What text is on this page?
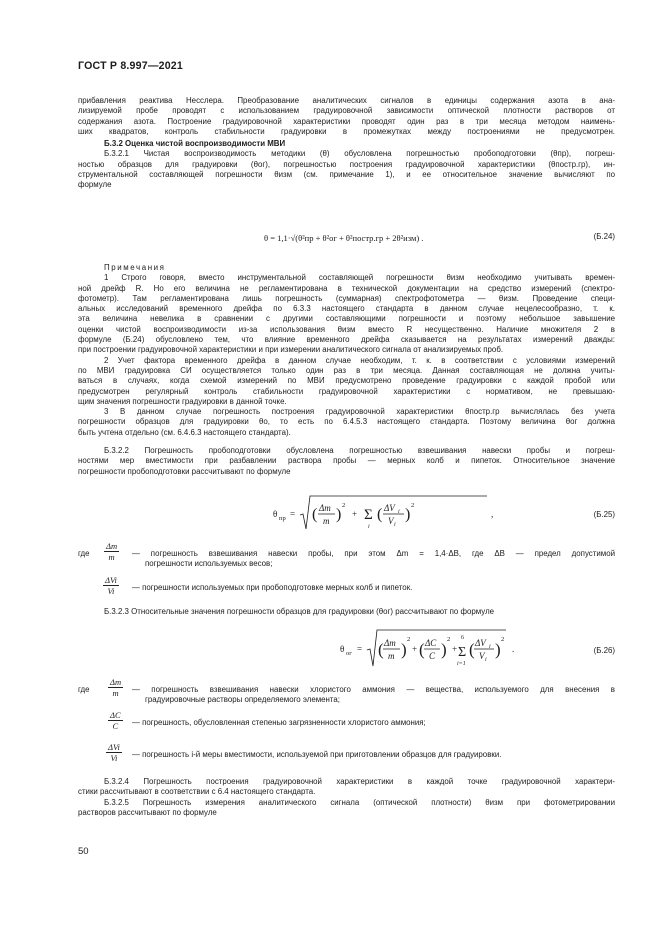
ГОСТ Р 8.997—2021
прибавления реактива Несслера. Преобразование аналитических сигналов в единицы содержания азота в ана-
лизируемой пробе проводят с использованием градуировочной зависимости оптической плотности растворов от
содержания азота. Построение градуировочной характеристики проводят один раз в три месяца методом наимень-
ших квадратов, контроль стабильности градуировки в промежутках между построениями не предусмотрен.
Б.3.2 Оценка чистой воспроизводимости МВИ
Б.3.2.1 Чистая воспроизводимость методики (θ) обусловлена погрешностью пробоподготовки (θпр), погреш-
ностью образцов для градуировки (θог), погрешностью построения градуировочной характеристики (θпостр.гр), ин-
струментальной составляющей погрешности θизм (см. примечание 1), и ее относительное значение вычисляют по
формуле
θ = 1,1·√(θ²пр + θ²ог + θ²постр.гр + 2θ²изм) .	(Б.24)
Примечания
1 Строго говоря, вместо инструментальной составляющей погрешности θизм необходимо учитывать времен-
ной дрейф R. Но его величина не регламентирована в технической документации на средство измерений (спектро-
фотометр). Там регламентирована лишь погрешность (суммарная) спектрофотометра — θизм. Проведение специ-
альных исследований временного дрейфа по 6.3.3 настоящего стандарта в данном случае нецелесообразно, т. к.
эта величина невелика в сравнении с другими составляющими погрешности и поэтому небольшое завышение
оценки чистой воспроизводимости из-за использования θизм вместо R несущественно. Наличие множителя 2 в
формуле (Б.24) обусловлено тем, что влияние временного дрейфа сказывается на результатах измерений дважды:
при построении градуировочной характеристики и при измерении аналитического сигнала от анализируемых проб.
2 Учет фактора временного дрейфа в данном случае необходим, т. к. в соответствии с условиями измерений
по МВИ градуировка СИ осуществляется только один раз в три месяца. Данная составляющая не должна учиты-
ваться в случаях, когда схемой измерений по МВИ предусмотрено проведение градуировки с каждой пробой или
предусмотрен регулярный контроль стабильности градуировочной характеристики с нормативом, не превышаю-
щим значения погрешности градуировки в данной точке.
3 В данном случае погрешность построения градуировочной характеристики θпостр.гр вычислялась без учета
погрешности образцов для градуировки θо, то есть по 6.4.5.3 настоящего стандарта. Поэтому величина θог должна
быть учтена отдельно (см. 6.4.6.3 настоящего стандарта).
Б.3.2.2 Погрешность пробоподготовки обусловлена погрешностью взвешивания навески пробы и погреш-
ностями мер вместимости при разбавлении раствора пробы — мерных колб и пипеток. Относительное значение
погрешности пробоподготовки рассчитывают по формуле
θ пр = ( Δm
m )
2
+ Σ
i
( ΔV i
V i
)
2
,	(Б.25)
где $\frac{\Delta m}{m}$ — погрешность взвешивания навески пробы, при этом Δm = 1,4·ΔB, где ΔB — предел допустимой
погрешности используемых весов;
$\frac{\text{ΔVi}}{Vi}$ — погрешности используемых при пробоподготовке мерных колб и пипеток.
Б.3.2.3 Относительные значения погрешности образцов для градуировки (θог) рассчитывают по формуле
θ ог = ( Δm
m )
2
+ ( ΔC
C )
2
+
6
Σ
i=1
( ΔV i
V i
)
2
.	(Б.26)
где $\frac{\Delta m}{m}$ — погрешность взвешивания навески хлористого аммония — вещества, используемого для внесения в
градуировочные растворы определяемого элемента;
$\frac{\Delta C}{C}$ — погрешность, обусловленная степенью загрязненности хлористого аммония;
$\frac{\text{ΔVi}}{Vi}$ — погрешность i-й меры вместимости, используемой при приготовлении образцов для градуировки.
Б.3.2.4 Погрешность построения градуировочной характеристики в каждой точке градуировочной характери-
стики рассчитывают в соответствии с 6.4 настоящего стандарта.
Б.3.2.5 Погрешность измерения аналитического сигнала (оптической плотности) θизм при фотометрировании
растворов рассчитывают по формуле
50
